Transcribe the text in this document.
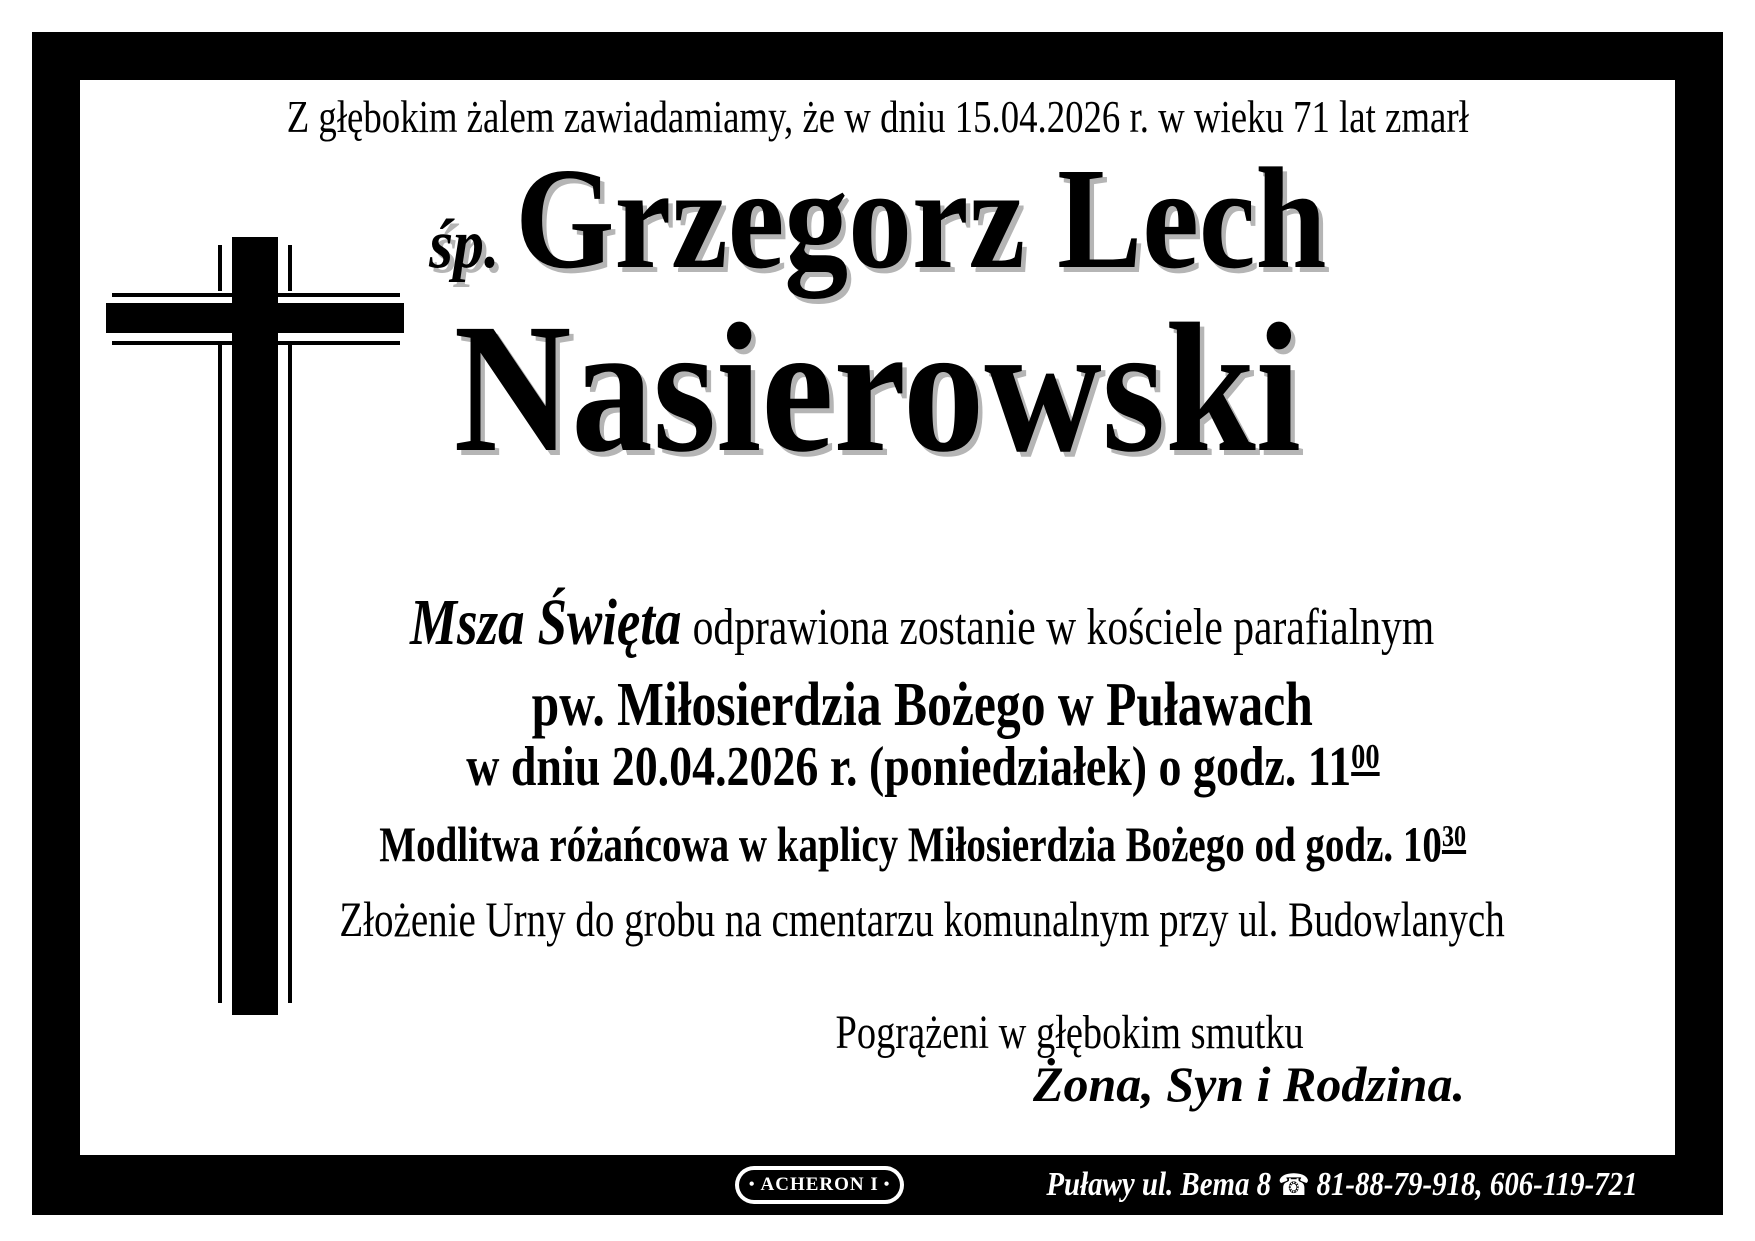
Z głębokim żalem zawiadamiamy, że w dniu 15.04.2026 r. w wieku 71 lat zmarł
śp. Grzegorz Lech
Nasierowski
Msza Święta odprawiona zostanie w kościele parafialnym
pw. Miłosierdzia Bożego w Puławach
w dniu 20.04.2026 r. (poniedziałek) o godz. $11^{00}$
Modlitwa różańcowa w kaplicy Miłosierdzia Bożego od godz. $10^{30}$
Złożenie Urny do grobu na cmentarzu komunalnym przy ul. Budowlanych
Pogrążeni w głębokim smutku
Żona, Syn i Rodzina.
• ACHERON I •	Puławy ul. Bema 8 ☎ 81-88-79-918, 606-119-721
